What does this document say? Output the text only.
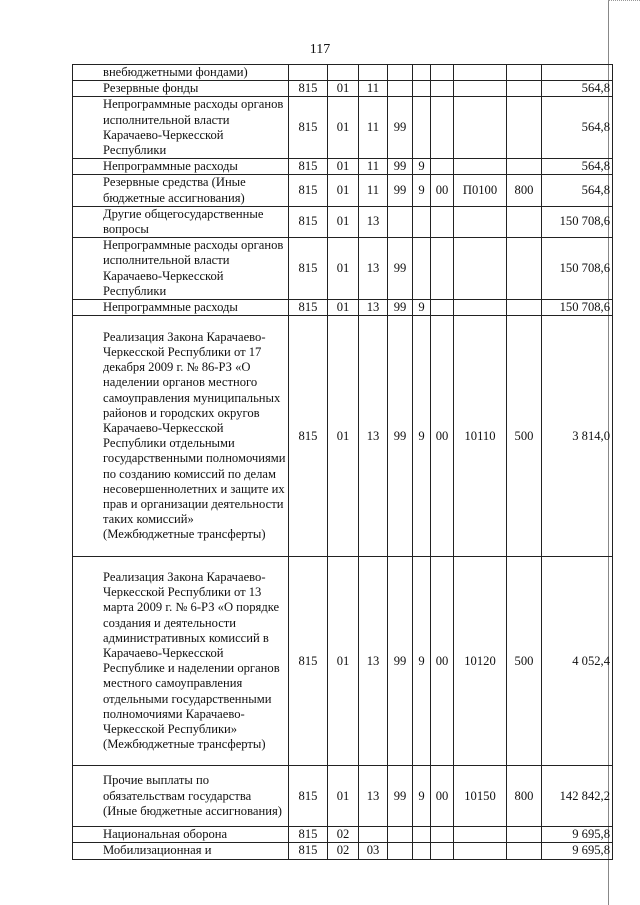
117
внебюджетными фондами)									
Резервные фонды	815	01	11						564,8
Непрограммные расходы органов исполнительной власти Карачаево-Черкесской Республики	815	01	11	99					564,8
Непрограммные расходы	815	01	11	99	9				564,8
Резервные средства (Иные бюджетные ассигнования)	815	01	11	99	9	00	П0100	800	564,8
Другие общегосударственные вопросы	815	01	13						150 708,6
Непрограммные расходы органов исполнительной власти Карачаево-Черкесской Республики	815	01	13	99					150 708,6
Непрограммные расходы	815	01	13	99	9				150 708,6
Реализация Закона Карачаево-Черкесской Республики от 17 декабря 2009 г. № 86-РЗ «О наделении органов местного самоуправления муниципальных районов и городских округов Карачаево-Черкесской Республики отдельными государственными полномочиями по созданию комиссий по делам несовершеннолетних и защите их прав и организации деятельности таких комиссий» (Межбюджетные трансферты)	815	01	13	99	9	00	10110	500	3 814,0
Реализация Закона Карачаево-Черкесской Республики от 13 марта 2009 г. № 6-РЗ «О порядке создания и деятельности административных комиссий в Карачаево-Черкесской Республике и наделении органов местного самоуправления отдельными государственными полномочиями Карачаево-Черкесской Республики» (Межбюджетные трансферты)	815	01	13	99	9	00	10120	500	4 052,4
Прочие выплаты по обязательствам государства (Иные бюджетные ассигнования)	815	01	13	99	9	00	10150	800	142 842,2
Национальная оборона	815	02							9 695,8
Мобилизационная и	815	02	03						9 695,8
